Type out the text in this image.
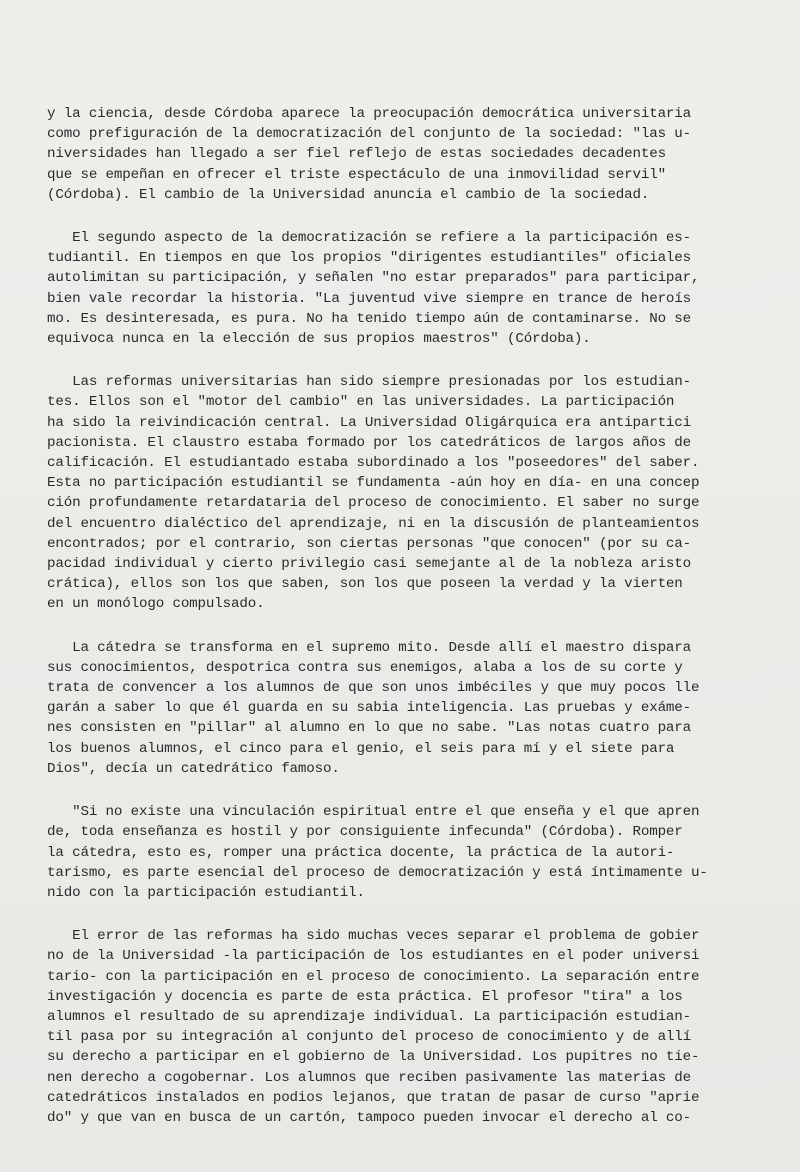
y la ciencia, desde Córdoba aparece la preocupación democrática universitaria
como prefiguración de la democratización del conjunto de la sociedad: "las u-
niversidades han llegado a ser fiel reflejo de estas sociedades decadentes
que se empeñan en ofrecer el triste espectáculo de una inmovilidad servil"
(Córdoba). El cambio de la Universidad anuncia el cambio de la sociedad.
El segundo aspecto de la democratización se refiere a la participación es-
tudiantil. En tiempos en que los propios "dirigentes estudiantiles" oficiales
autolimitan su participación, y señalen "no estar preparados" para participar,
bien vale recordar la historia. "La juventud vive siempre en trance de heroís
mo. Es desinteresada, es pura. No ha tenido tiempo aún de contaminarse. No se
equivoca nunca en la elección de sus propios maestros" (Córdoba).
Las reformas universitarias han sido siempre presionadas por los estudian-
tes. Ellos son el "motor del cambio" en las universidades. La participación
ha sido la reivindicación central. La Universidad Oligárquica era antipartici
pacionista. El claustro estaba formado por los catedráticos de largos años de
calificación. El estudiantado estaba subordinado a los "poseedores" del saber.
Esta no participación estudiantil se fundamenta -aún hoy en día- en una concep
ción profundamente retardataria del proceso de conocimiento. El saber no surge
del encuentro dialéctico del aprendizaje, ni en la discusión de planteamientos
encontrados; por el contrario, son ciertas personas "que conocen" (por su ca-
pacidad individual y cierto privilegio casi semejante al de la nobleza aristo
crática), ellos son los que saben, son los que poseen la verdad y la vierten
en un monólogo compulsado.
La cátedra se transforma en el supremo mito. Desde allí el maestro dispara
sus conocimientos, despotrica contra sus enemigos, alaba a los de su corte y
trata de convencer a los alumnos de que son unos imbéciles y que muy pocos lle
garán a saber lo que él guarda en su sabia inteligencia. Las pruebas y exáme-
nes consisten en "pillar" al alumno en lo que no sabe. "Las notas cuatro para
los buenos alumnos, el cinco para el genio, el seis para mí y el siete para
Dios", decía un catedrático famoso.
"Si no existe una vinculación espiritual entre el que enseña y el que apren
de, toda enseñanza es hostil y por consiguiente infecunda" (Córdoba). Romper
la cátedra, esto es, romper una práctica docente, la práctica de la autori-
tarismo, es parte esencial del proceso de democratización y está íntimamente u-
nido con la participación estudiantil.
El error de las reformas ha sido muchas veces separar el problema de gobier
no de la Universidad -la participación de los estudiantes en el poder universi
tario- con la participación en el proceso de conocimiento. La separación entre
investigación y docencia es parte de esta práctica. El profesor "tira" a los
alumnos el resultado de su aprendizaje individual. La participación estudian-
til pasa por su integración al conjunto del proceso de conocimiento y de allí
su derecho a participar en el gobierno de la Universidad. Los pupitres no tie-
nen derecho a cogobernar. Los alumnos que reciben pasivamente las materias de
catedráticos instalados en podios lejanos, que tratan de pasar de curso "aprie
do" y que van en busca de un cartón, tampoco pueden invocar el derecho al co-
